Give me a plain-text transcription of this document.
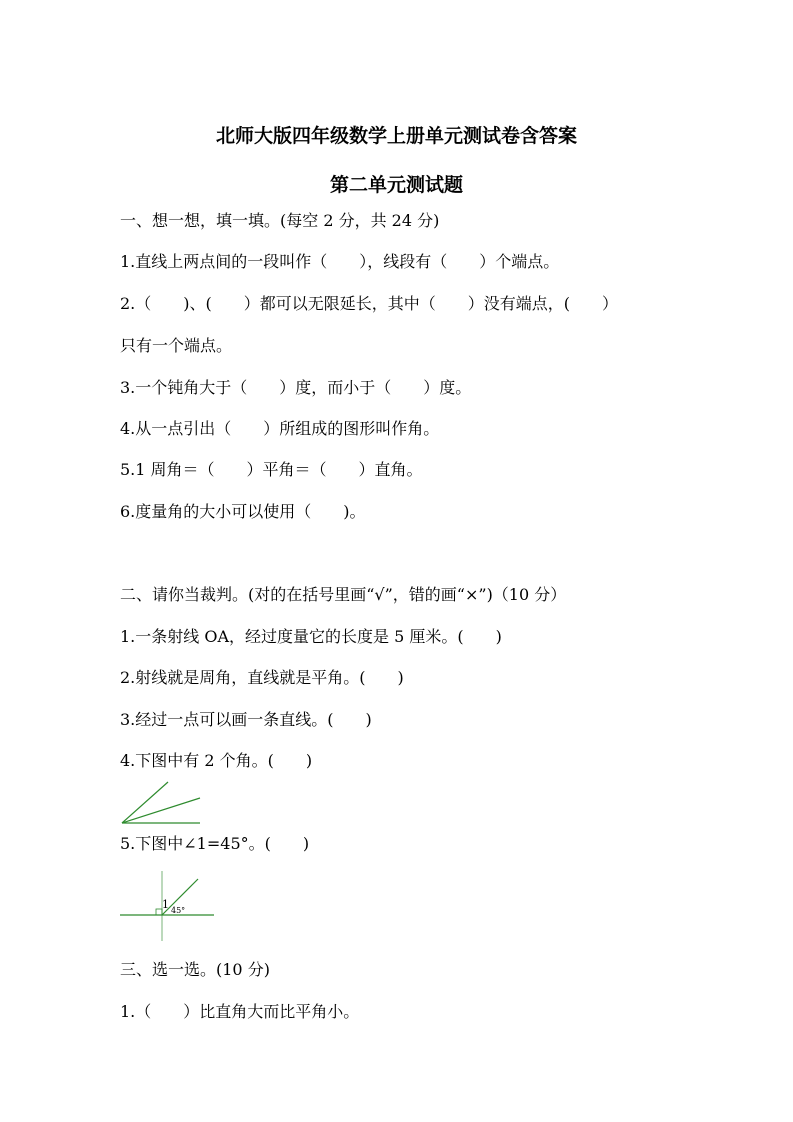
北师大版四年级数学上册单元测试卷含答案
第二单元测试题
一、想一想，填一填。(每空 2 分，共 24 分)
1.直线上两点间的一段叫作（　　），线段有（　　）个端点。
2.（　　)、(　　）都可以无限延长，其中（　　）没有端点，(　　）
只有一个端点。
3.一个钝角大于（　　）度，而小于（　　）度。
4.从一点引出（　　）所组成的图形叫作角。
5.1 周角＝（　　）平角＝（　　）直角。
6.度量角的大小可以使用（　　)。
二、请你当裁判。(对的在括号里画“√”，错的画“×”)（10 分）
1.一条射线 OA，经过度量它的长度是 5 厘米。(　　)
2.射线就是周角，直线就是平角。(　　)
3.经过一点可以画一条直线。(　　)
4.下图中有 2 个角。(　　)
5.下图中∠1=45°。(　　)
1 45°
三、选一选。(10 分)
1.（　　）比直角大而比平角小。
